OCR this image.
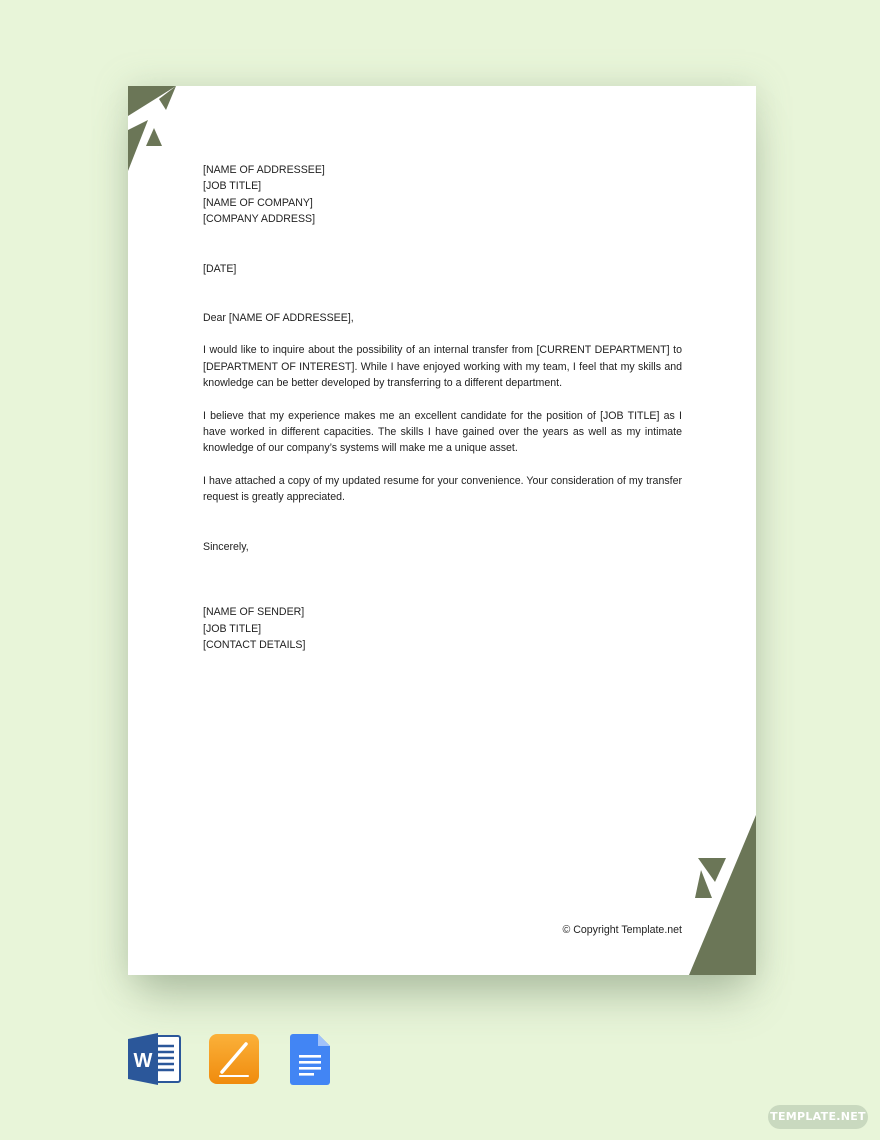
[NAME OF ADDRESSEE]
[JOB TITLE]
[NAME OF COMPANY]
[COMPANY ADDRESS]
[DATE]
Dear [NAME OF ADDRESSEE],

I would like to inquire about the possibility of an internal transfer from [CURRENT DEPARTMENT] to [DEPARTMENT OF INTEREST]. While I have enjoyed working with my team, I feel that my skills and knowledge can be better developed by transferring to a different department.

I believe that my experience makes me an excellent candidate for the position of [JOB TITLE] as I have worked in different capacities. The skills I have gained over the years as well as my intimate knowledge of our company’s systems will make me a unique asset.

I have attached a copy of my updated resume for your convenience. Your consideration of my transfer request is greatly appreciated.

Sincerely,
[NAME OF SENDER]
[JOB TITLE]
[CONTACT DETAILS]
© Copyright Template.net
W
TEMPLATE.NET
